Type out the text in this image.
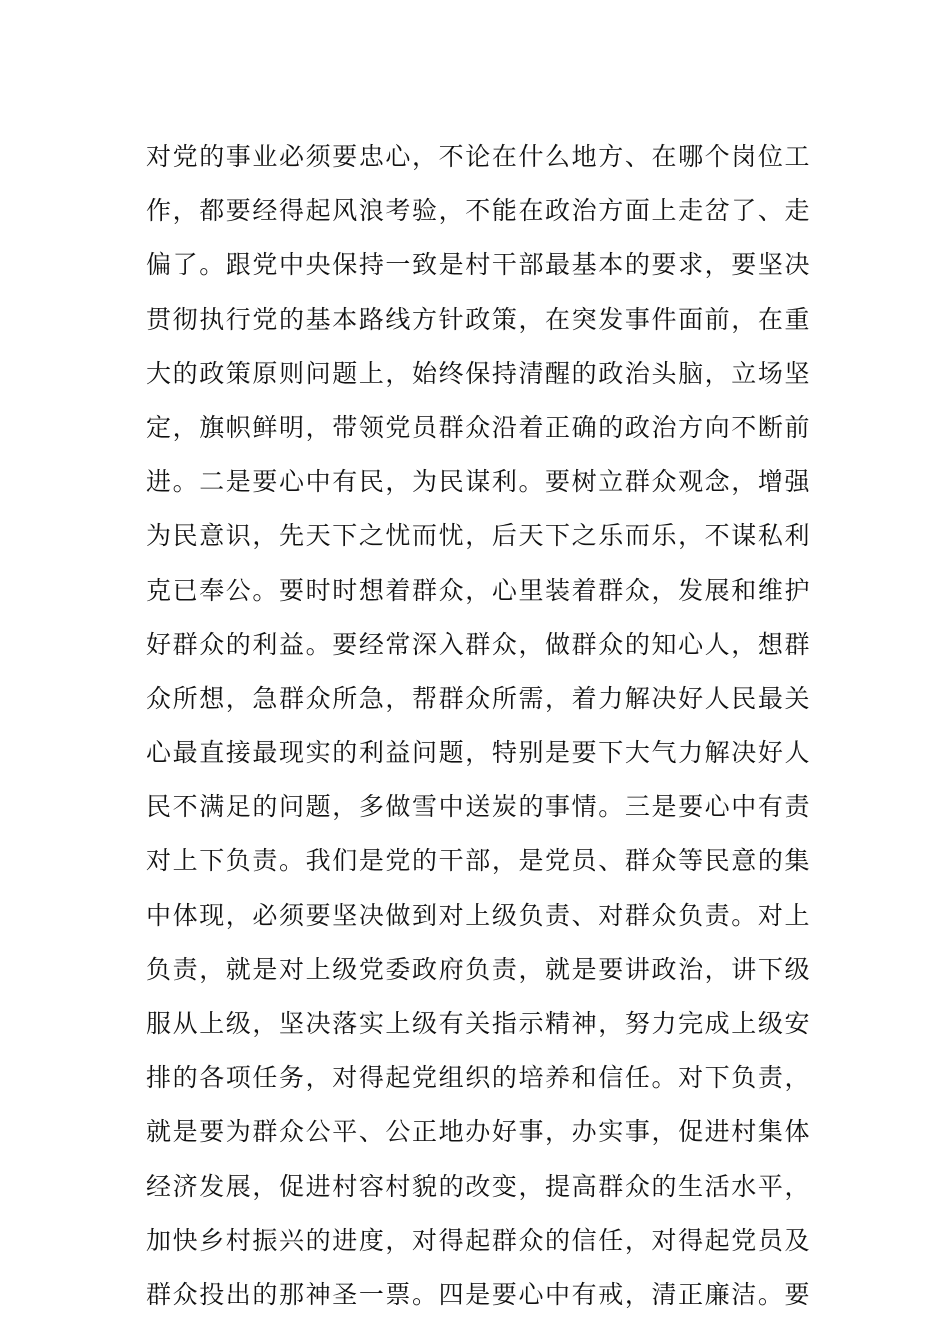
对党的事业必须要忠心，不论在什么地方、在哪个岗位工
作，都要经得起风浪考验，不能在政治方面上走岔了、走
偏了。跟党中央保持一致是村干部最基本的要求，要坚决
贯彻执行党的基本路线方针政策，在突发事件面前，在重
大的政策原则问题上，始终保持清醒的政治头脑，立场坚
定，旗帜鲜明，带领党员群众沿着正确的政治方向不断前
进。二是要心中有民，为民谋利。要树立群众观念，增强
为民意识，先天下之忧而忧，后天下之乐而乐，不谋私利
克已奉公。要时时想着群众，心里装着群众，发展和维护
好群众的利益。要经常深入群众，做群众的知心人，想群
众所想，急群众所急，帮群众所需，着力解决好人民最关
心最直接最现实的利益问题，特别是要下大气力解决好人
民不满足的问题，多做雪中送炭的事情。三是要心中有责
对上下负责。我们是党的干部，是党员、群众等民意的集
中体现，必须要坚决做到对上级负责、对群众负责。对上
负责，就是对上级党委政府负责，就是要讲政治，讲下级
服从上级，坚决落实上级有关指示精神，努力完成上级安
排的各项任务，对得起党组织的培养和信任。对下负责，
就是要为群众公平、公正地办好事，办实事，促进村集体
经济发展，促进村容村貌的改变，提高群众的生活水平，
加快乡村振兴的进度，对得起群众的信任，对得起党员及
群众投出的那神圣一票。四是要心中有戒，清正廉洁。要
